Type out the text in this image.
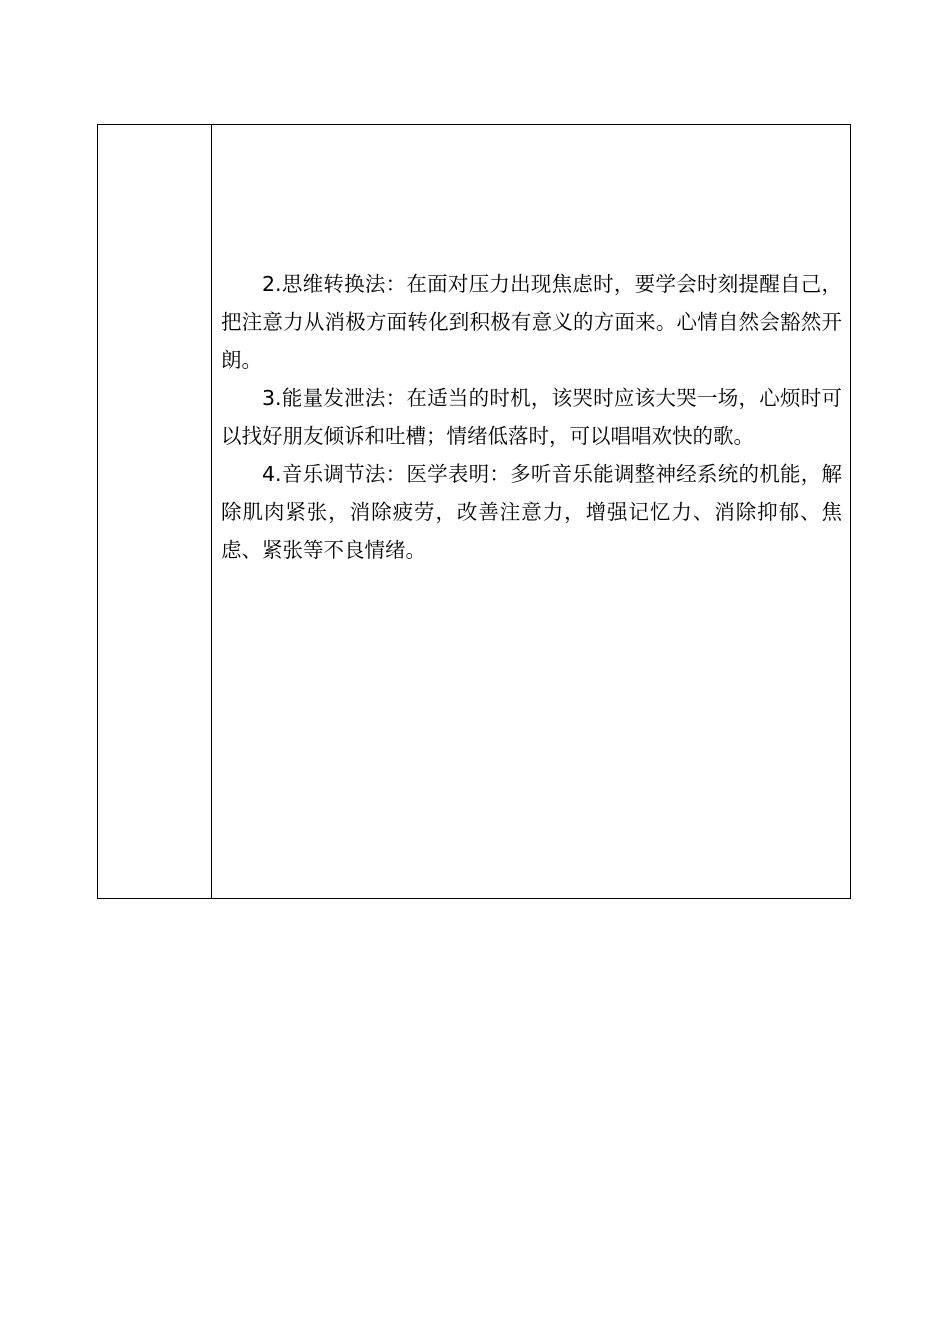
2.思维转换法：在面对压力出现焦虑时，要学会时刻提醒自己，把注意力从消极方面转化到积极有意义的方面来。心情自然会豁然开朗。

3.能量发泄法：在适当的时机，该哭时应该大哭一场，心烦时可以找好朋友倾诉和吐槽；情绪低落时，可以唱唱欢快的歌。

4.音乐调节法：医学表明：多听音乐能调整神经系统的机能，解除肌肉紧张，消除疲劳，改善注意力，增强记忆力、消除抑郁、焦虑、紧张等不良情绪。
